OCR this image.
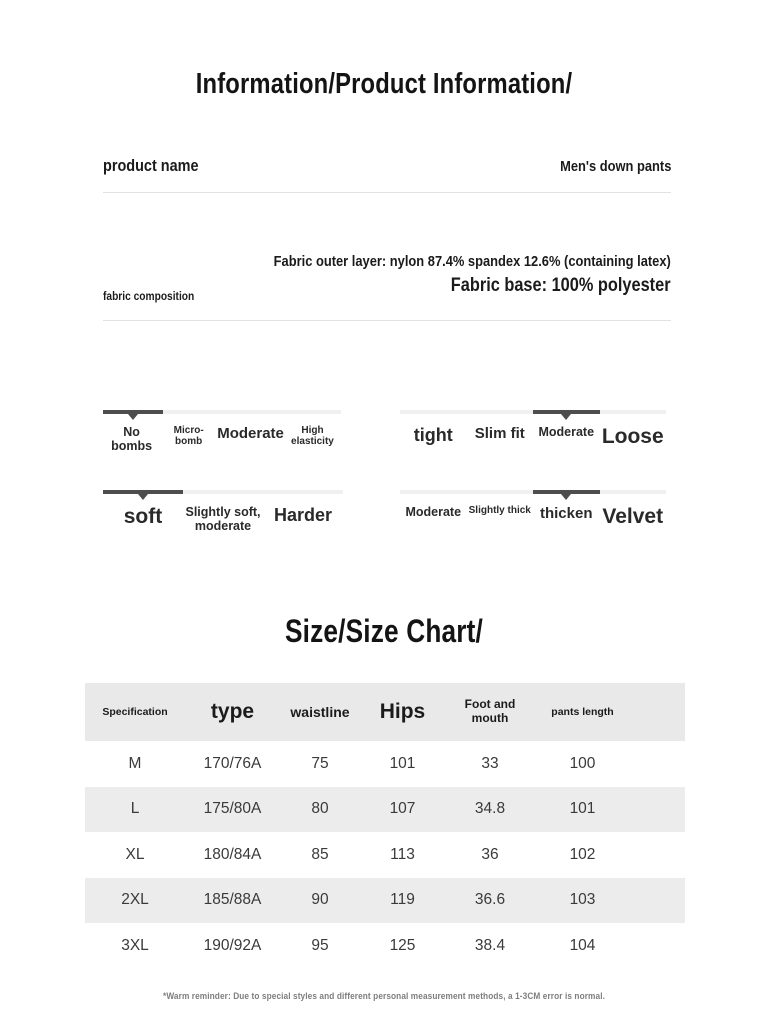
Information/Product Information/
product name	Men's down pants
fabric composition
Fabric outer layer: nylon 87.4% spandex 12.6% (containing latex)
Fabric base: 100% polyester
No bombs
Micro-bomb Moderate	High elasticity	tight	Slim fit	Moderate Loose
soft	Slightly soft, moderate
Harder	Moderate Slightly thick thicken Velvet
Size/Size Chart/
Specification	type	waistline	Hips	Foot and mouth	pants length	
M	170/76A	75	101	33	100	
L	175/80A	80	107	34.8	101	
XL	180/84A	85	113	36	102	
2XL	185/88A	90	119	36.6	103	
3XL	190/92A	95	125	38.4	104	
*Warm reminder: Due to special styles and different personal measurement methods, a 1-3CM error is normal.
